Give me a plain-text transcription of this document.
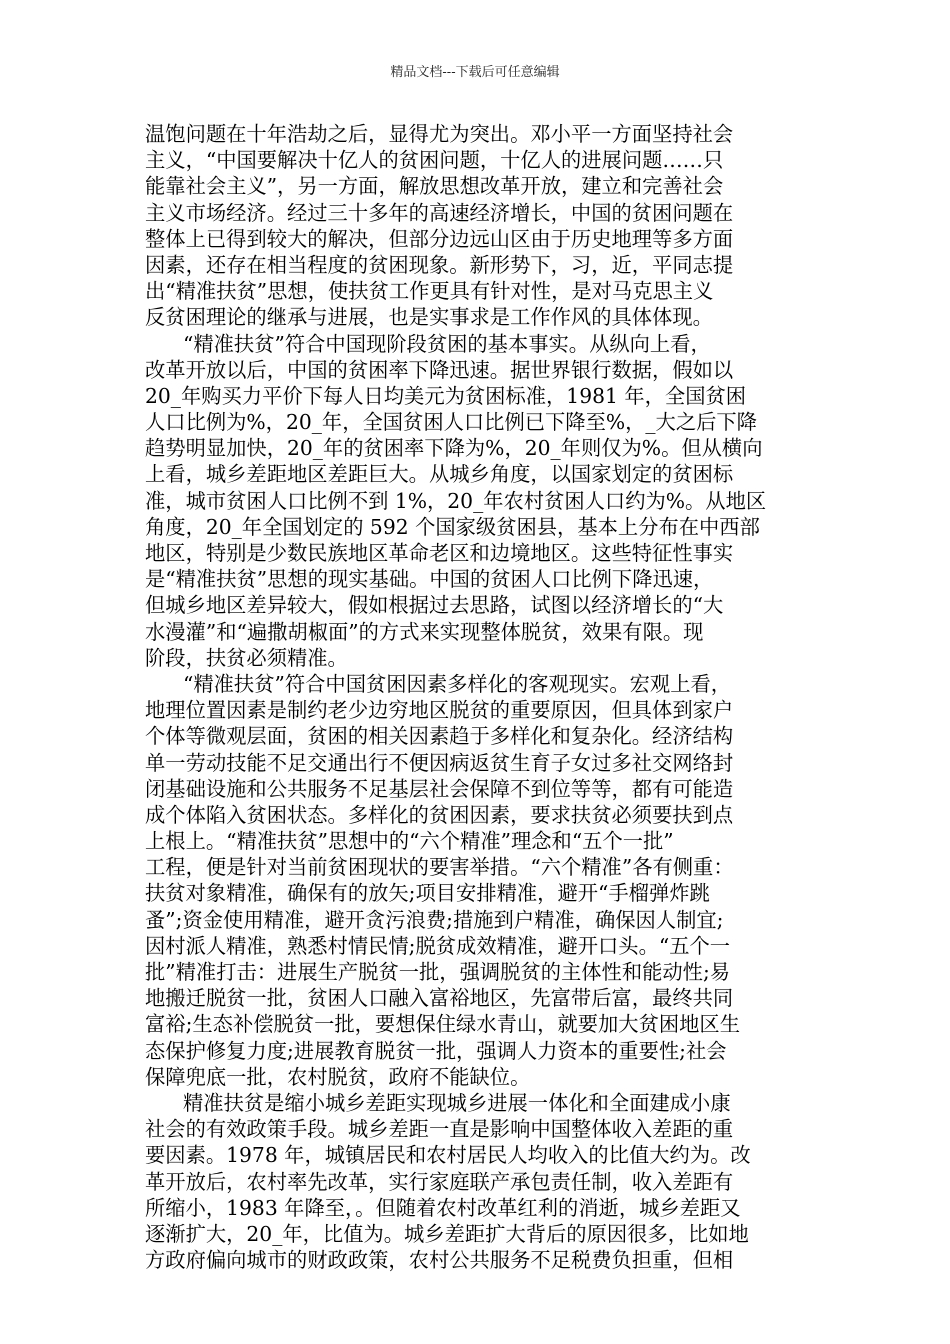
精品文档---下载后可任意编辑
温饱问题在十年浩劫之后，显得尤为突出。邓小平一方面坚持社会
主义，“中国要解决十亿人的贫困问题，十亿人的进展问题……只
能靠社会主义”，另一方面，解放思想改革开放，建立和完善社会
主义市场经济。经过三十多年的高速经济增长，中国的贫困问题在
整体上已得到较大的解决，但部分边远山区由于历史地理等多方面
因素，还存在相当程度的贫困现象。新形势下，习，近，平同志提
出“精准扶贫”思想，使扶贫工作更具有针对性，是对马克思主义
反贫困理论的继承与进展，也是实事求是工作作风的具体体现。
“精准扶贫”符合中国现阶段贫困的基本事实。从纵向上看，
改革开放以后，中国的贫困率下降迅速。据世界银行数据，假如以
20_年购买力平价下每人日均美元为贫困标准，1981 年，全国贫困
人口比例为%，20_年，全国贫困人口比例已下降至%，_大之后下降
趋势明显加快，20_年的贫困率下降为%，20_年则仅为%。但从横向
上看，城乡差距地区差距巨大。从城乡角度，以国家划定的贫困标
准，城市贫困人口比例不到 1%，20_年农村贫困人口约为%。从地区
角度，20_年全国划定的 592 个国家级贫困县，基本上分布在中西部
地区，特别是少数民族地区革命老区和边境地区。这些特征性事实
是“精准扶贫”思想的现实基础。中国的贫困人口比例下降迅速，
但城乡地区差异较大，假如根据过去思路，试图以经济增长的“大
水漫灌”和“遍撒胡椒面”的方式来实现整体脱贫，效果有限。现
阶段，扶贫必须精准。
“精准扶贫”符合中国贫困因素多样化的客观现实。宏观上看，
地理位置因素是制约老少边穷地区脱贫的重要原因，但具体到家户
个体等微观层面，贫困的相关因素趋于多样化和复杂化。经济结构
单一劳动技能不足交通出行不便因病返贫生育子女过多社交网络封
闭基础设施和公共服务不足基层社会保障不到位等等，都有可能造
成个体陷入贫困状态。多样化的贫困因素，要求扶贫必须要扶到点
上根上。“精准扶贫”思想中的“六个精准”理念和“五个一批”
工程，便是针对当前贫困现状的要害举措。“六个精准”各有侧重：
扶贫对象精准，确保有的放矢;项目安排精准，避开“手榴弹炸跳
蚤”;资金使用精准，避开贪污浪费;措施到户精准，确保因人制宜;
因村派人精准，熟悉村情民情;脱贫成效精准，避开口头。“五个一
批”精准打击：进展生产脱贫一批，强调脱贫的主体性和能动性;易
地搬迁脱贫一批，贫困人口融入富裕地区，先富带后富，最终共同
富裕;生态补偿脱贫一批，要想保住绿水青山，就要加大贫困地区生
态保护修复力度;进展教育脱贫一批，强调人力资本的重要性;社会
保障兜底一批，农村脱贫，政府不能缺位。
精准扶贫是缩小城乡差距实现城乡进展一体化和全面建成小康
社会的有效政策手段。城乡差距一直是影响中国整体收入差距的重
要因素。1978 年，城镇居民和农村居民人均收入的比值大约为。改
革开放后，农村率先改革，实行家庭联产承包责任制，收入差距有
所缩小，1983 年降至，。但随着农村改革红利的消逝，城乡差距又
逐渐扩大，20_年，比值为。城乡差距扩大背后的原因很多，比如地
方政府偏向城市的财政政策，农村公共服务不足税费负担重，但相
